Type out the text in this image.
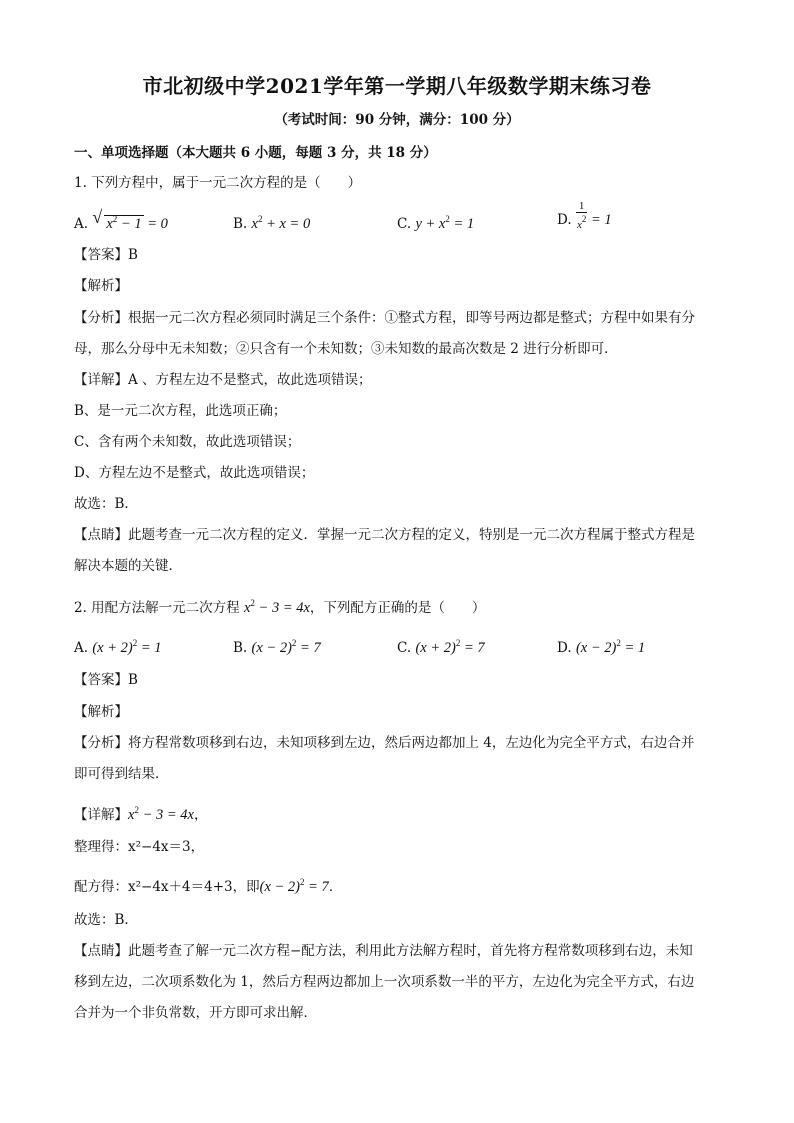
市北初级中学2021学年第一学期八年级数学期末练习卷
（考试时间：90 分钟，满分：100 分）
一、单项选择题（本大题共 6 小题，每题 3 分，共 18 分）
1. 下列方程中，属于一元二次方程的是（　　）
A. √ $x^2 - 1 = 0$	B. $x^2 + x = 0$	C. $y + x^2 = 1$	D. $\frac{1}{x^2} = 1$
【答案】B
【解析】
【分析】根据一元二次方程必须同时满足三个条件：①整式方程，即等号两边都是整式；方程中如果有分
母，那么分母中无未知数；②只含有一个未知数；③未知数的最高次数是 2 进行分析即可．
【详解】A 、方程左边不是整式，故此选项错误；
B、是一元二次方程，此选项正确；
C、含有两个未知数，故此选项错误；
D、方程左边不是整式，故此选项错误；
故选：B．
【点睛】此题考查一元二次方程的定义．掌握一元二次方程的定义，特别是一元二次方程属于整式方程是
解决本题的关键．
2. 用配方法解一元二次方程 $x^2 - 3 = 4x$，下列配方正确的是（　　）
A. $(x + 2)^2 = 1$	B. $(x - 2)^2 = 7$	C. $(x + 2)^2 = 7$	D. $(x - 2)^2 = 1$
【答案】B
【解析】
【分析】将方程常数项移到右边，未知项移到左边，然后两边都加上 4，左边化为完全平方式，右边合并
即可得到结果．
【详解】$x^2 - 3 = 4x$，
整理得：x²−4x＝3，
配方得：x²−4x＋4＝4+3，即$(x - 2)^2 = 7$．
故选：B．
【点睛】此题考查了解一元二次方程−配方法，利用此方法解方程时，首先将方程常数项移到右边，未知
移到左边，二次项系数化为 1，然后方程两边都加上一次项系数一半的平方，左边化为完全平方式，右边
合并为一个非负常数，开方即可求出解．
